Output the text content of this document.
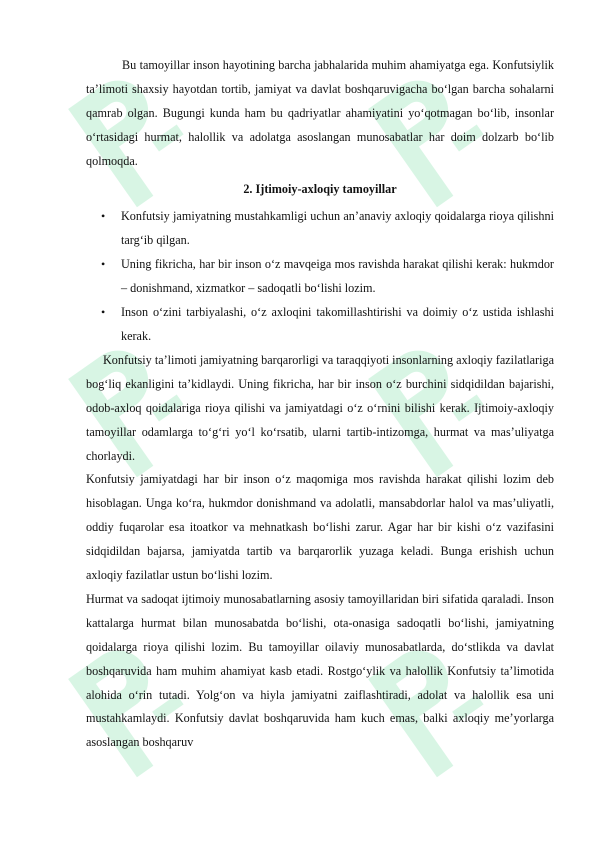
Bu tamoyillar inson hayotining barcha jabhalarida muhim ahamiyatga ega. Konfutsiylik ta’limoti shaxsiy hayotdan tortib, jamiyat va davlat boshqaruvigacha bo‘lgan barcha sohalarni qamrab olgan. Bugungi kunda ham bu qadriyatlar ahamiyatini yo‘qotmagan bo‘lib, insonlar o‘rtasidagi hurmat, halollik va adolatga asoslangan munosabatlar har doim dolzarb bo‘lib qolmoqda.

2. Ijtimoiy-axloqiy tamoyillar

• Konfutsiy jamiyatning mustahkamligi uchun an’anaviy axloqiy qoidalarga rioya qilishni targ‘ib qilgan.
• Uning fikricha, har bir inson o‘z mavqeiga mos ravishda harakat qilishi kerak: hukmdor – donishmand, xizmatkor – sadoqatli bo‘lishi lozim.
• Inson o‘zini tarbiyalashi, o‘z axloqini takomillashtirishi va doimiy o‘z ustida ishlashi kerak.

Konfutsiy ta’limoti jamiyatning barqarorligi va taraqqiyoti insonlarning axloqiy fazilatlariga bog‘liq ekanligini ta’kidlaydi. Uning fikricha, har bir inson o‘z burchini sidqidildan bajarishi, odob-axloq qoidalariga rioya qilishi va jamiyatdagi o‘z o‘rnini bilishi kerak. Ijtimoiy-axloqiy tamoyillar odamlarga to‘g‘ri yo‘l ko‘rsatib, ularni tartib-intizomga, hurmat va mas’uliyatga chorlaydi.

Konfutsiy jamiyatdagi har bir inson o‘z maqomiga mos ravishda harakat qilishi lozim deb hisoblagan. Unga ko‘ra, hukmdor donishmand va adolatli, mansabdorlar halol va mas’uliyatli, oddiy fuqarolar esa itoatkor va mehnatkash bo‘lishi zarur. Agar har bir kishi o‘z vazifasini sidqidildan bajarsa, jamiyatda tartib va barqarorlik yuzaga keladi. Bunga erishish uchun axloqiy fazilatlar ustun bo‘lishi lozim.

Hurmat va sadoqat ijtimoiy munosabatlarning asosiy tamoyillaridan biri sifatida qaraladi. Inson kattalarga hurmat bilan munosabatda bo‘lishi, ota-onasiga sadoqatli bo‘lishi, jamiyatning qoidalarga rioya qilishi lozim. Bu tamoyillar oilaviy munosabatlarda, do‘stlikda va davlat boshqaruvida ham muhim ahamiyat kasb etadi. Rostgo‘ylik va halollik Konfutsiy ta’limotida alohida o‘rin tutadi. Yolg‘on va hiyla jamiyatni zaiflashtiradi, adolat va halollik esa uni mustahkamlaydi. Konfutsiy davlat boshqaruvida ham kuch emas, balki axloqiy me’yorlarga asoslangan boshqaruv
